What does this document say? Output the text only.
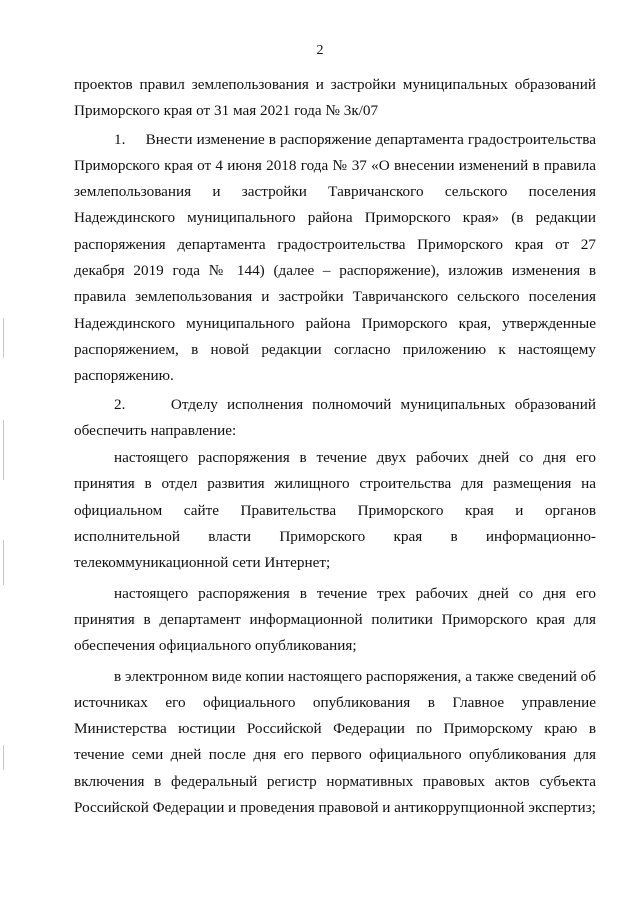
2

проектов правил землепользования и застройки муниципальных образований Приморского края от 31 мая 2021 года № 3к/07

1.     Внести изменение в распоряжение департамента градостроительства Приморского края от 4 июня 2018 года № 37 «О внесении изменений в правила землепользования и застройки Тавричанского сельского поселения Надеждинского муниципального района Приморского края» (в редакции распоряжения департамента градостроительства Приморского края от 27 декабря 2019 года № 144) (далее – распоряжение), изложив изменения в правила землепользования и застройки Тавричанского сельского поселения Надеждинского муниципального района Приморского края, утвержденные распоряжением, в новой редакции согласно приложению к настоящему распоряжению.

2.     Отделу исполнения полномочий муниципальных образований обеспечить направление:

настоящего распоряжения в течение двух рабочих дней со дня его принятия в отдел развития жилищного строительства для размещения на официальном сайте Правительства Приморского края и органов исполнительной власти Приморского края в информационно-телекоммуникационной сети Интернет;

настоящего распоряжения в течение трех рабочих дней со дня его принятия в департамент информационной политики Приморского края для обеспечения официального опубликования;

в электронном виде копии настоящего распоряжения, а также сведений об источниках его официального опубликования в Главное управление Министерства юстиции Российской Федерации по Приморскому краю в течение семи дней после дня его первого официального опубликования для включения в федеральный регистр нормативных правовых актов субъекта Российской Федерации и проведения правовой и антикоррупционной экспертиз;
